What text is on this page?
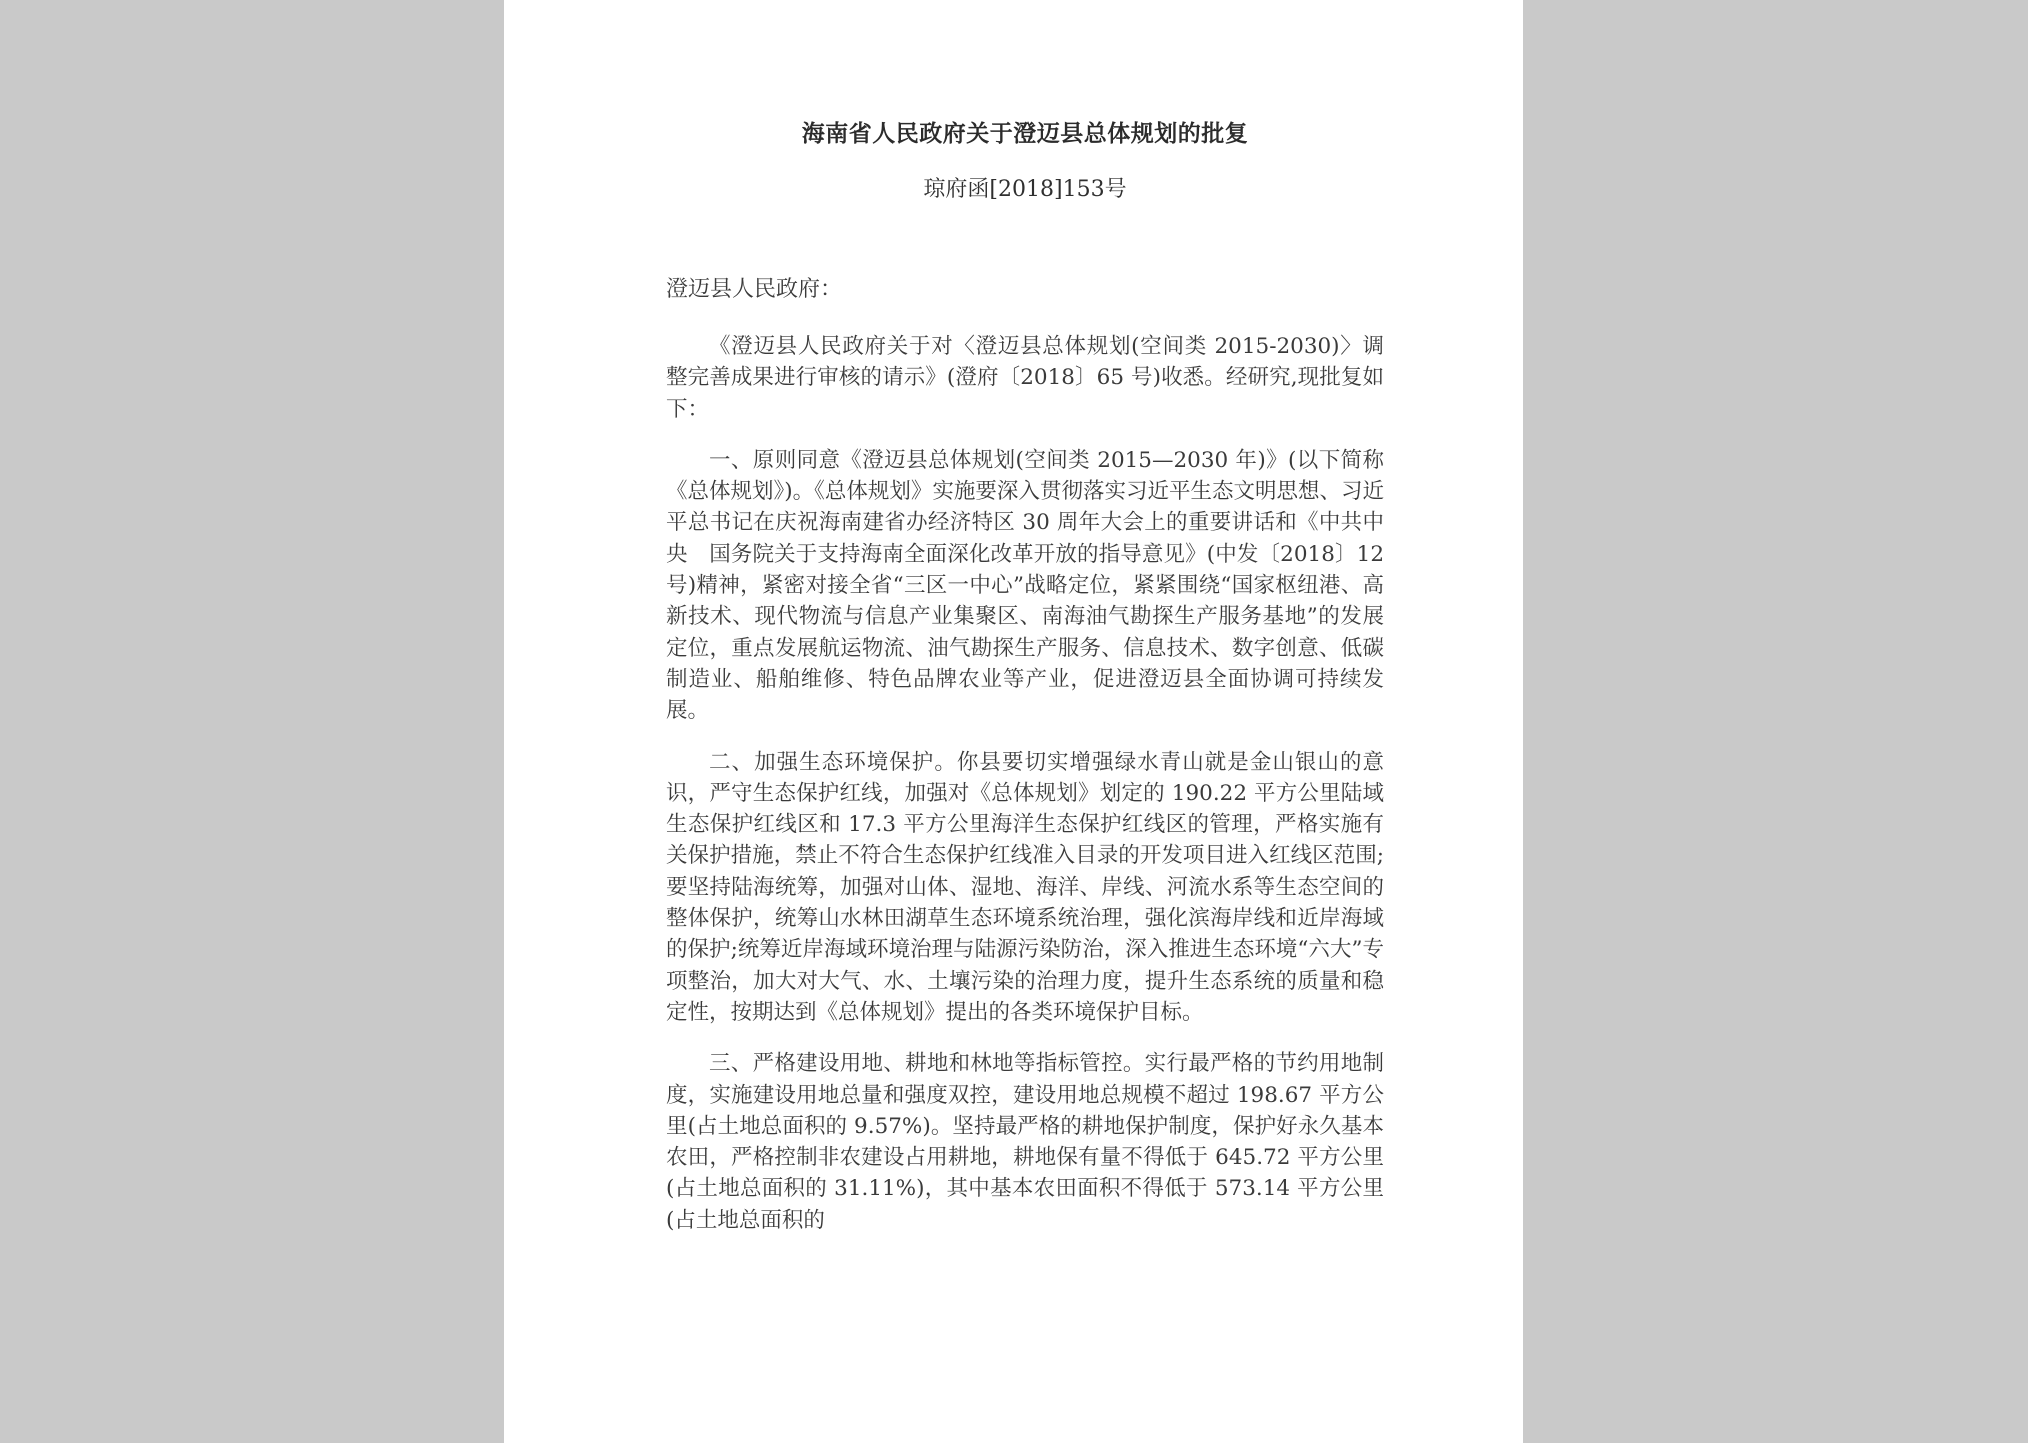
海南省人民政府关于澄迈县总体规划的批复
琼府函[2018]153号
澄迈县人民政府：

《澄迈县人民政府关于对〈澄迈县总体规划(空间类 2015-2030)〉调整完善成果进行审核的请示》(澄府〔2018〕65 号)收悉。经研究,现批复如下：

一、原则同意《澄迈县总体规划(空间类 2015—2030 年)》(以下简称《总体规划》)。《总体规划》实施要深入贯彻落实习近平生态文明思想、习近平总书记在庆祝海南建省办经济特区 30 周年大会上的重要讲话和《中共中央　国务院关于支持海南全面深化改革开放的指导意见》(中发〔2018〕12 号)精神，紧密对接全省“三区一中心”战略定位，紧紧围绕“国家枢纽港、高新技术、现代物流与信息产业集聚区、南海油气勘探生产服务基地”的发展定位，重点发展航运物流、油气勘探生产服务、信息技术、数字创意、低碳制造业、船舶维修、特色品牌农业等产业，促进澄迈县全面协调可持续发展。

二、加强生态环境保护。你县要切实增强绿水青山就是金山银山的意识，严守生态保护红线，加强对《总体规划》划定的 190.22 平方公里陆域生态保护红线区和 17.3 平方公里海洋生态保护红线区的管理，严格实施有关保护措施，禁止不符合生态保护红线准入目录的开发项目进入红线区范围;要坚持陆海统筹，加强对山体、湿地、海洋、岸线、河流水系等生态空间的整体保护，统筹山水林田湖草生态环境系统治理，强化滨海岸线和近岸海域的保护;统筹近岸海域环境治理与陆源污染防治，深入推进生态环境“六大”专项整治，加大对大气、水、土壤污染的治理力度，提升生态系统的质量和稳定性，按期达到《总体规划》提出的各类环境保护目标。

三、严格建设用地、耕地和林地等指标管控。实行最严格的节约用地制度，实施建设用地总量和强度双控，建设用地总规模不超过 198.67 平方公里(占土地总面积的 9.57%)。坚持最严格的耕地保护制度，保护好永久基本农田，严格控制非农建设占用耕地，耕地保有量不得低于 645.72 平方公里(占土地总面积的 31.11%)，其中基本农田面积不得低于 573.14 平方公里(占土地总面积的
